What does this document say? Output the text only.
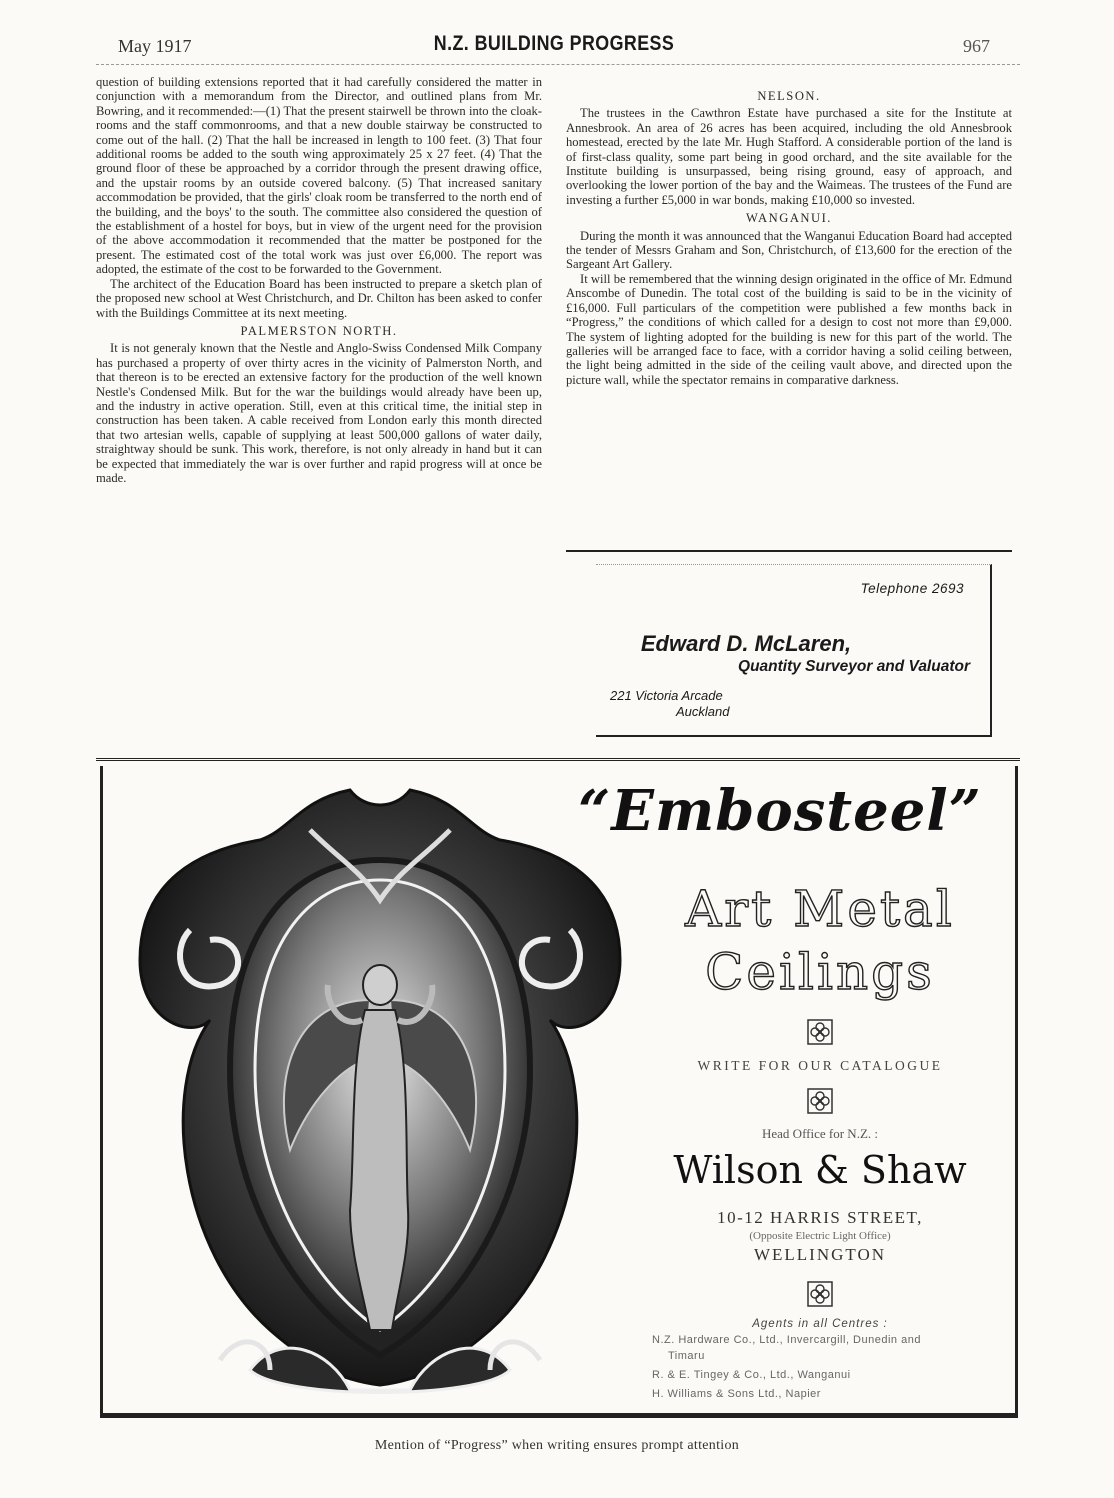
May 1917	N.Z. BUILDING PROGRESS	967

question of building extensions reported that it had carefully considered the matter in conjunction with a memorandum from the Director, and outlined plans from Mr. Bowring, and it recommended:—(1) That the present stairwell be thrown into the cloak-rooms and the staff commonrooms, and that a new double stairway be constructed to come out of the hall. (2) That the hall be increased in length to 100 feet. (3) That four additional rooms be added to the south wing approximately 25 x 27 feet. (4) That the ground floor of these be approached by a corridor through the present drawing office, and the upstair rooms by an outside covered balcony. (5) That increased sanitary accommodation be provided, that the girls' cloak room be transferred to the north end of the building, and the boys' to the south. The committee also considered the question of the establishment of a hostel for boys, but in view of the urgent need for the provision of the above accommodation it recommended that the matter be postponed for the present. The estimated cost of the total work was just over £6,000. The report was adopted, the estimate of the cost to be forwarded to the Government.

The architect of the Education Board has been instructed to prepare a sketch plan of the proposed new school at West Christchurch, and Dr. Chilton has been asked to confer with the Buildings Committee at its next meeting.

PALMERSTON NORTH.

It is not generaly known that the Nestle and Anglo-Swiss Condensed Milk Company has purchased a property of over thirty acres in the vicinity of Palmerston North, and that thereon is to be erected an extensive factory for the production of the well known Nestle's Condensed Milk. But for the war the buildings would already have been up, and the industry in active operation. Still, even at this critical time, the initial step in construction has been taken. A cable received from London early this month directed that two artesian wells, capable of supplying at least 500,000 gallons of water daily, straightway should be sunk. This work, therefore, is not only already in hand but it can be expected that immediately the war is over further and rapid progress will at once be made.

NELSON.

The trustees in the Cawthron Estate have purchased a site for the Institute at Annesbrook. An area of 26 acres has been acquired, including the old Annesbrook homestead, erected by the late Mr. Hugh Stafford. A considerable portion of the land is of first-class quality, some part being in good orchard, and the site available for the Institute building is unsurpassed, being rising ground, easy of approach, and overlooking the lower portion of the bay and the Waimeas. The trustees of the Fund are investing a further £5,000 in war bonds, making £10,000 so invested.

WANGANUI.

During the month it was announced that the Wanganui Education Board had accepted the tender of Messrs Graham and Son, Christchurch, of £13,600 for the erection of the Sargeant Art Gallery.

It will be remembered that the winning design originated in the office of Mr. Edmund Anscombe of Dunedin. The total cost of the building is said to be in the vicinity of £16,000. Full particulars of the competition were published a few months back in “Progress,” the conditions of which called for a design to cost not more than £9,000. The system of lighting adopted for the building is new for this part of the world. The galleries will be arranged face to face, with a corridor having a solid ceiling between, the light being admitted in the side of the ceiling vault above, and directed upon the picture wall, while the spectator remains in comparative darkness.

Telephone 2693
Edward D. McLaren,
Quantity Surveyor and Valuator
221 Victoria Arcade
Auckland
“Embosteel”
Art Metal
Ceilings
WRITE FOR OUR CATALOGUE
Head Office for N.Z. :
Wilson & Shaw
10-12 HARRIS STREET,
(Opposite Electric Light Office)
WELLINGTON
Agents in all Centres :
N.Z. Hardware Co., Ltd., Invercargill, Dunedin and
Timaru
R. & E. Tingey & Co., Ltd., Wanganui
H. Williams & Sons Ltd., Napier
Mention of “Progress” when writing ensures prompt attention
